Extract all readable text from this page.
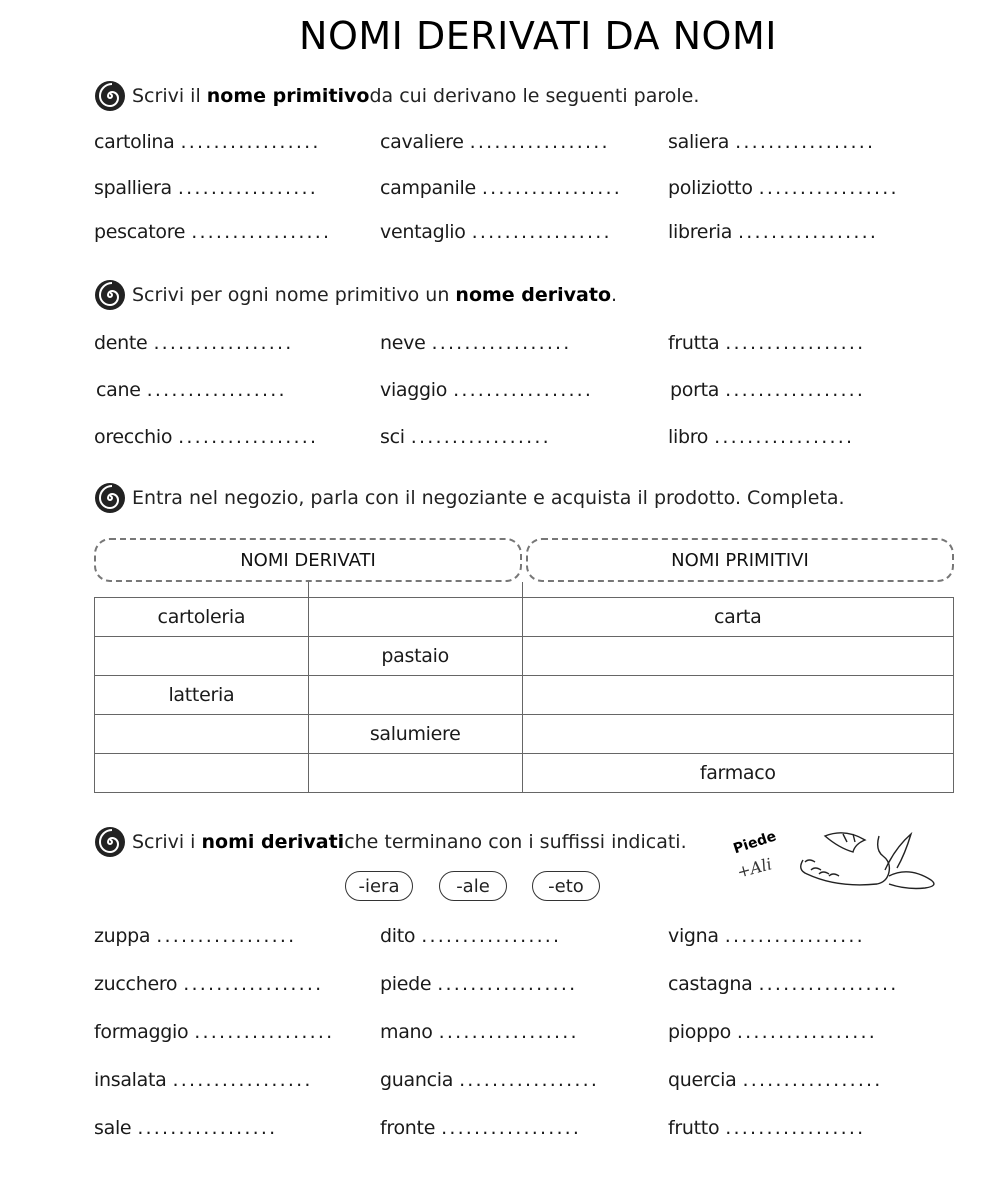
NOMI DERIVATI DA NOMI
Scrivi il
nome primitivo da cui derivano le seguenti parole.
cartolina .................	cavaliere .................	saliera .................
spalliera .................	campanile ................. poliziotto .................
pescatore .................	ventaglio .................	libreria .................
Scrivi per ogni nome primitivo un
nome derivato .
dente .................	neve .................	frutta .................
cane .................	viaggio .................	porta .................
orecchio .................	sci .................	libro .................
Entra nel negozio, parla con il negoziante e acquista il prodotto. Completa.
cartoleria		carta
	pastaio	
latteria		
	salumiere	
		farmaco
NOMI DERIVATI	NOMI PRIMITIVI
Scrivi i
nomi derivati che terminano con i suffissi indicati.
-iera	-ale	-eto
Piede
+Ali
zuppa .................	dito .................	vigna .................
zucchero .................	piede .................	castagna .................
formaggio ................. mano .................	pioppo .................
insalata .................	guancia .................	quercia .................
sale .................	fronte .................	frutto .................
